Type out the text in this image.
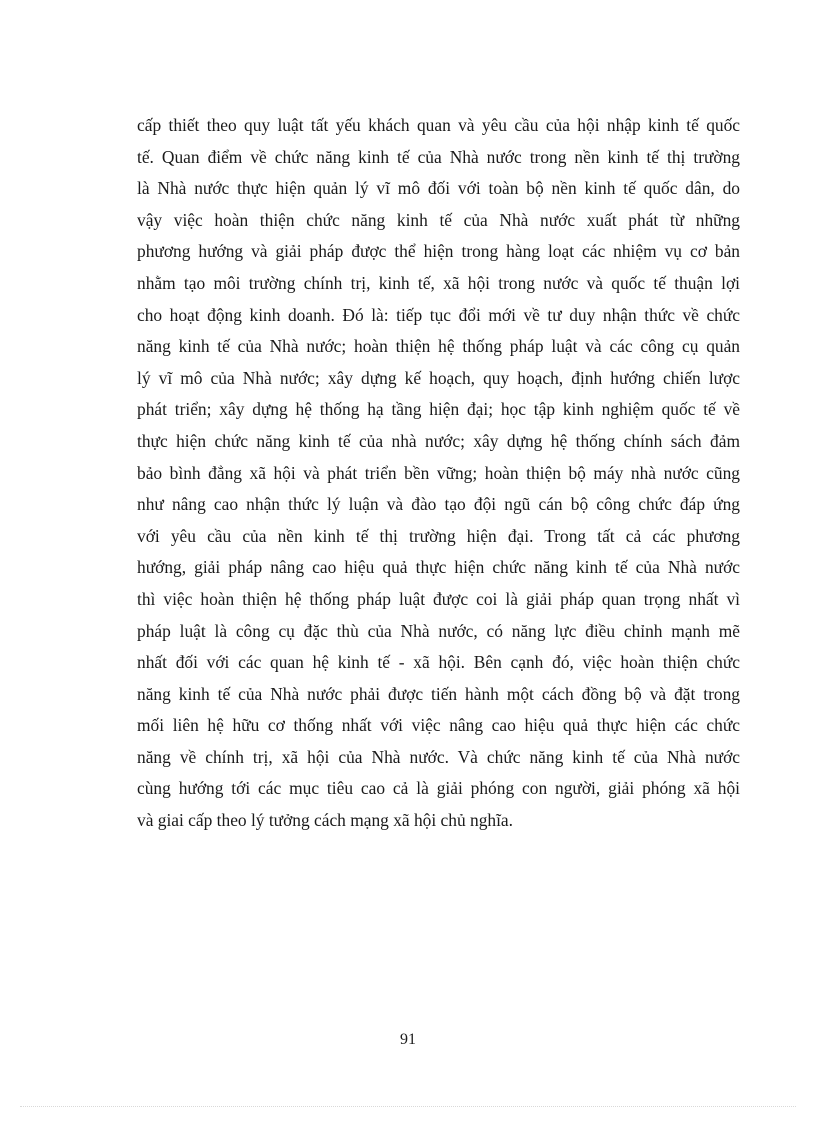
cấp thiết theo quy luật tất yếu khách quan và yêu cầu của hội nhập kinh tế quốc
tế. Quan điểm về chức năng kinh tế của Nhà nước trong nền kinh tế thị trường
là Nhà nước thực hiện quản lý vĩ mô đối với toàn bộ nền kinh tế quốc dân, do
vậy việc hoàn thiện chức năng kinh tế của Nhà nước xuất phát từ những
phương hướng và giải pháp được thể hiện trong hàng loạt các nhiệm vụ cơ bản
nhằm tạo môi trường chính trị, kinh tế, xã hội trong nước và quốc tế thuận lợi
cho hoạt động kinh doanh. Đó là: tiếp tục đổi mới về tư duy nhận thức về chức
năng kinh tế của Nhà nước; hoàn thiện hệ thống pháp luật và các công cụ quản
lý vĩ mô của Nhà nước; xây dựng kế hoạch, quy hoạch, định hướng chiến lược
phát triển; xây dựng hệ thống hạ tầng hiện đại; học tập kinh nghiệm quốc tế về
thực hiện chức năng kinh tế của nhà nước; xây dựng hệ thống chính sách đảm
bảo bình đẳng xã hội và phát triển bền vững; hoàn thiện bộ máy nhà nước cũng
như nâng cao nhận thức lý luận và đào tạo đội ngũ cán bộ công chức đáp ứng
với yêu cầu của nền kinh tế thị trường hiện đại. Trong tất cả các phương
hướng, giải pháp nâng cao hiệu quả thực hiện chức năng kinh tế của Nhà nước
thì việc hoàn thiện hệ thống pháp luật được coi là giải pháp quan trọng nhất vì
pháp luật là công cụ đặc thù của Nhà nước, có năng lực điều chỉnh mạnh mẽ
nhất đối với các quan hệ kinh tế - xã hội. Bên cạnh đó, việc hoàn thiện chức
năng kinh tế của Nhà nước phải được tiến hành một cách đồng bộ và đặt trong
mối liên hệ hữu cơ thống nhất với việc nâng cao hiệu quả thực hiện các chức
năng về chính trị, xã hội của Nhà nước. Và chức năng kinh tế của Nhà nước
cùng hướng tới các mục tiêu cao cả là giải phóng con người, giải phóng xã hội
và giai cấp theo lý tưởng cách mạng xã hội chủ nghĩa.

91
